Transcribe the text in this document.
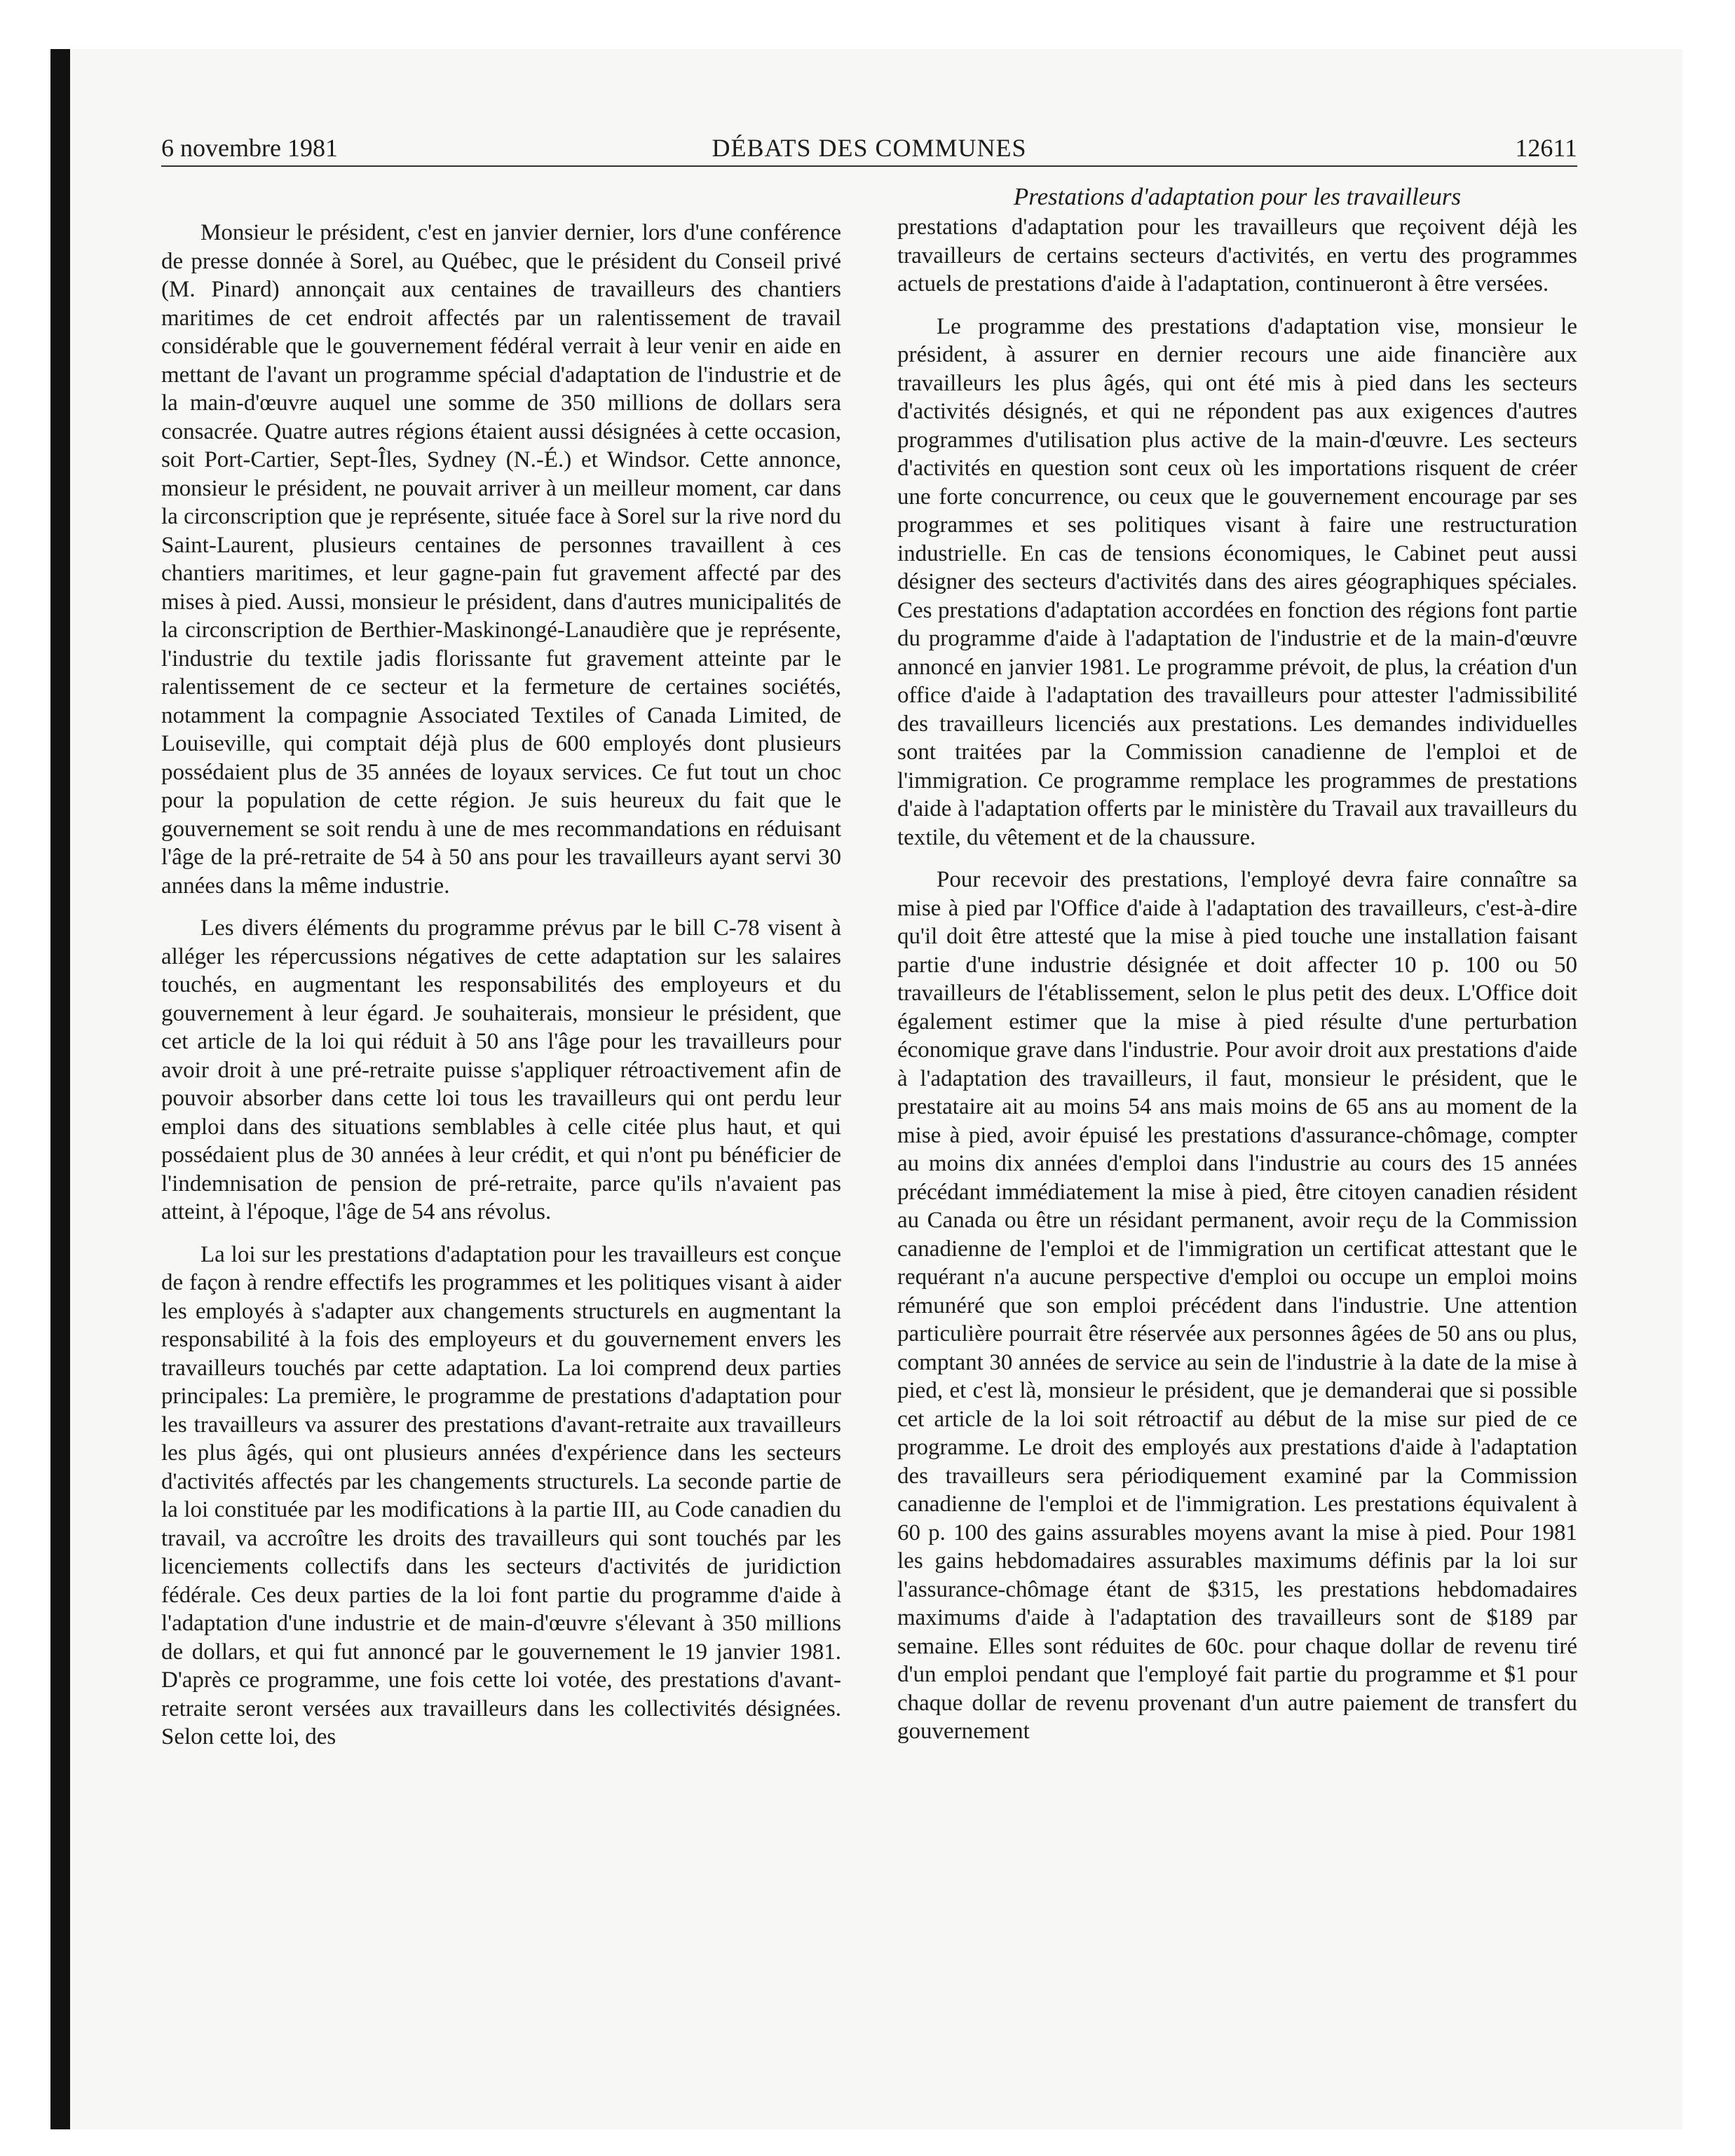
6 novembre 1981	DÉBATS DES COMMUNES	12611
Prestations d'adaptation pour les travailleurs

Monsieur le président, c'est en janvier dernier, lors d'une conférence de presse donnée à Sorel, au Québec, que le président du Conseil privé (M. Pinard) annonçait aux centaines de travailleurs des chantiers maritimes de cet endroit affectés par un ralentissement de travail considérable que le gouvernement fédéral verrait à leur venir en aide en mettant de l'avant un programme spécial d'adaptation de l'industrie et de la main-d'œuvre auquel une somme de 350 millions de dollars sera consacrée. Quatre autres régions étaient aussi désignées à cette occasion, soit Port-Cartier, Sept-Îles, Sydney (N.-É.) et Windsor. Cette annonce, monsieur le président, ne pouvait arriver à un meilleur moment, car dans la circonscription que je représente, située face à Sorel sur la rive nord du Saint-Laurent, plusieurs centaines de personnes travaillent à ces chantiers maritimes, et leur gagne-pain fut gravement affecté par des mises à pied. Aussi, monsieur le président, dans d'autres municipalités de la circonscription de Berthier-Maskinongé-Lanaudière que je représente, l'industrie du textile jadis florissante fut gravement atteinte par le ralentissement de ce secteur et la fermeture de certaines sociétés, notamment la compagnie Associated Textiles of Canada Limited, de Louiseville, qui comptait déjà plus de 600 employés dont plusieurs possédaient plus de 35 années de loyaux services. Ce fut tout un choc pour la population de cette région. Je suis heureux du fait que le gouvernement se soit rendu à une de mes recommandations en réduisant l'âge de la pré-retraite de 54 à 50 ans pour les travailleurs ayant servi 30 années dans la même industrie.

Les divers éléments du programme prévus par le bill C-78 visent à alléger les répercussions négatives de cette adaptation sur les salaires touchés, en augmentant les responsabilités des employeurs et du gouvernement à leur égard. Je souhaiterais, monsieur le président, que cet article de la loi qui réduit à 50 ans l'âge pour les travailleurs pour avoir droit à une pré-retraite puisse s'appliquer rétroactivement afin de pouvoir absorber dans cette loi tous les travailleurs qui ont perdu leur emploi dans des situations semblables à celle citée plus haut, et qui possédaient plus de 30 années à leur crédit, et qui n'ont pu bénéficier de l'indemnisation de pension de pré-retraite, parce qu'ils n'avaient pas atteint, à l'époque, l'âge de 54 ans révolus.

La loi sur les prestations d'adaptation pour les travailleurs est conçue de façon à rendre effectifs les programmes et les politiques visant à aider les employés à s'adapter aux changements structurels en augmentant la responsabilité à la fois des employeurs et du gouvernement envers les travailleurs touchés par cette adaptation. La loi comprend deux parties principales: La première, le programme de prestations d'adaptation pour les travailleurs va assurer des prestations d'avant-retraite aux travailleurs les plus âgés, qui ont plusieurs années d'expérience dans les secteurs d'activités affectés par les changements structurels. La seconde partie de la loi constituée par les modifications à la partie III, au Code canadien du travail, va accroître les droits des travailleurs qui sont touchés par les licenciements collectifs dans les secteurs d'activités de juridiction fédérale. Ces deux parties de la loi font partie du programme d'aide à l'adaptation d'une industrie et de main-d'œuvre s'élevant à 350 millions de dollars, et qui fut annoncé par le gouvernement le 19 janvier 1981. D'après ce programme, une fois cette loi votée, des prestations d'avant-retraite seront versées aux travailleurs dans les collectivités désignées. Selon cette loi, des

prestations d'adaptation pour les travailleurs que reçoivent déjà les travailleurs de certains secteurs d'activités, en vertu des programmes actuels de prestations d'aide à l'adaptation, continueront à être versées.

Le programme des prestations d'adaptation vise, monsieur le président, à assurer en dernier recours une aide financière aux travailleurs les plus âgés, qui ont été mis à pied dans les secteurs d'activités désignés, et qui ne répondent pas aux exigences d'autres programmes d'utilisation plus active de la main-d'œuvre. Les secteurs d'activités en question sont ceux où les importations risquent de créer une forte concurrence, ou ceux que le gouvernement encourage par ses programmes et ses politiques visant à faire une restructuration industrielle. En cas de tensions économiques, le Cabinet peut aussi désigner des secteurs d'activités dans des aires géographiques spéciales. Ces prestations d'adaptation accordées en fonction des régions font partie du programme d'aide à l'adaptation de l'industrie et de la main-d'œuvre annoncé en janvier 1981. Le programme prévoit, de plus, la création d'un office d'aide à l'adaptation des travailleurs pour attester l'admissibilité des travailleurs licenciés aux prestations. Les demandes individuelles sont traitées par la Commission canadienne de l'emploi et de l'immigration. Ce programme remplace les programmes de prestations d'aide à l'adaptation offerts par le ministère du Travail aux travailleurs du textile, du vêtement et de la chaussure.

Pour recevoir des prestations, l'employé devra faire connaître sa mise à pied par l'Office d'aide à l'adaptation des travailleurs, c'est-à-dire qu'il doit être attesté que la mise à pied touche une installation faisant partie d'une industrie désignée et doit affecter 10 p. 100 ou 50 travailleurs de l'établissement, selon le plus petit des deux. L'Office doit également estimer que la mise à pied résulte d'une perturbation économique grave dans l'industrie. Pour avoir droit aux prestations d'aide à l'adaptation des travailleurs, il faut, monsieur le président, que le prestataire ait au moins 54 ans mais moins de 65 ans au moment de la mise à pied, avoir épuisé les prestations d'assurance-chômage, compter au moins dix années d'emploi dans l'industrie au cours des 15 années précédant immédiatement la mise à pied, être citoyen canadien résident au Canada ou être un résidant permanent, avoir reçu de la Commission canadienne de l'emploi et de l'immigration un certificat attestant que le requérant n'a aucune perspective d'emploi ou occupe un emploi moins rémunéré que son emploi précédent dans l'industrie. Une attention particulière pourrait être réservée aux personnes âgées de 50 ans ou plus, comptant 30 années de service au sein de l'industrie à la date de la mise à pied, et c'est là, monsieur le président, que je demanderai que si possible cet article de la loi soit rétroactif au début de la mise sur pied de ce programme. Le droit des employés aux prestations d'aide à l'adaptation des travailleurs sera périodiquement examiné par la Commission canadienne de l'emploi et de l'immigration. Les prestations équivalent à 60 p. 100 des gains assurables moyens avant la mise à pied. Pour 1981 les gains hebdomadaires assurables maximums définis par la loi sur l'assurance-chômage étant de $315, les prestations hebdomadaires maximums d'aide à l'adaptation des travailleurs sont de $189 par semaine. Elles sont réduites de 60c. pour chaque dollar de revenu tiré d'un emploi pendant que l'employé fait partie du programme et $1 pour chaque dollar de revenu provenant d'un autre paiement de transfert du gouvernement
